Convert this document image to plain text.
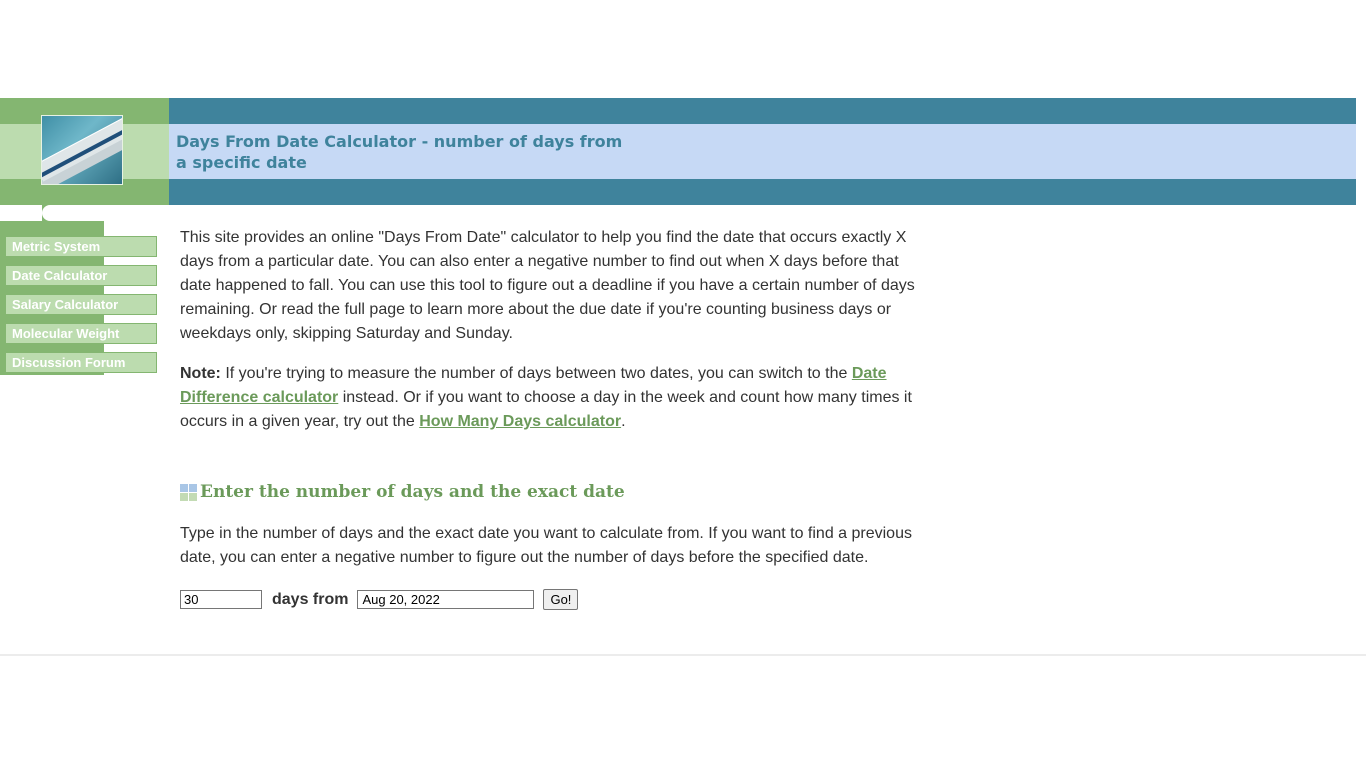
Days From Date Calculator - number of days from a specific date
Metric System
Date Calculator
Salary Calculator
Molecular Weight
Discussion Forum

This site provides an online "Days From Date" calculator to help you find the date that occurs exactly X days from a particular date. You can also enter a negative number to find out when X days before that date happened to fall. You can use this tool to figure out a deadline if you have a certain number of days remaining. Or read the full page to learn more about the due date if you're counting business days or weekdays only, skipping Saturday and Sunday.

Note: If you're trying to measure the number of days between two dates, you can switch to the Date Difference calculator instead. Or if you want to choose a day in the week and count how many times it occurs in a given year, try out the How Many Days calculator.

Enter the number of days and the exact date

Type in the number of days and the exact date you want to calculate from. If you want to find a previous date, you can enter a negative number to figure out the number of days before the specified date.

30
days from
Aug 20, 2022	Go!
